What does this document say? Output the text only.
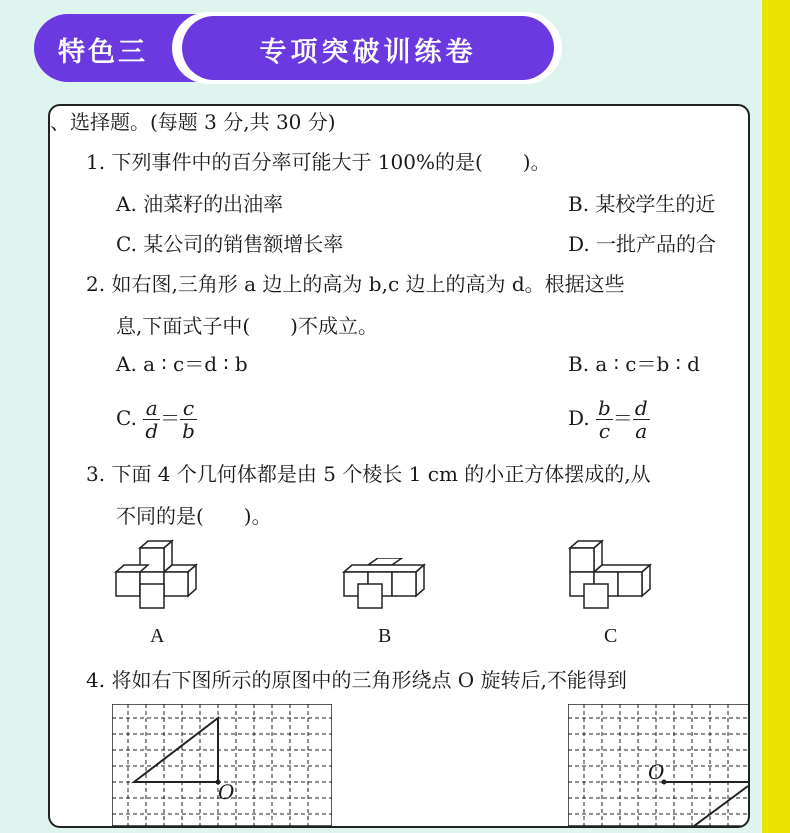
特色三	专项突破训练卷
、选择题。(每题 3 分,共 30 分)
1. 下列事件中的百分率可能大于 100%的是(　　)。
A. 油菜籽的出油率	B. 某校学生的近
C. 某公司的销售额增长率	D. 一批产品的合
2. 如右图,三角形 a 边上的高为 b,c 边上的高为 d。根据这些
息,下面式子中(　　)不成立。
A. a ∶ c＝d ∶ b	B. a ∶ c＝b ∶ d
C. $\frac{a}{d} = \frac{c}{b}$	D. $\frac{b}{c} = \frac{d}{a}$
3. 下面 4 个几何体都是由 5 个棱长 1 cm 的小正方体摆成的,从
不同的是(　　)。
A	B	C
4. 将如右下图所示的原图中的三角形绕点 O 旋转后,不能得到
O
O
